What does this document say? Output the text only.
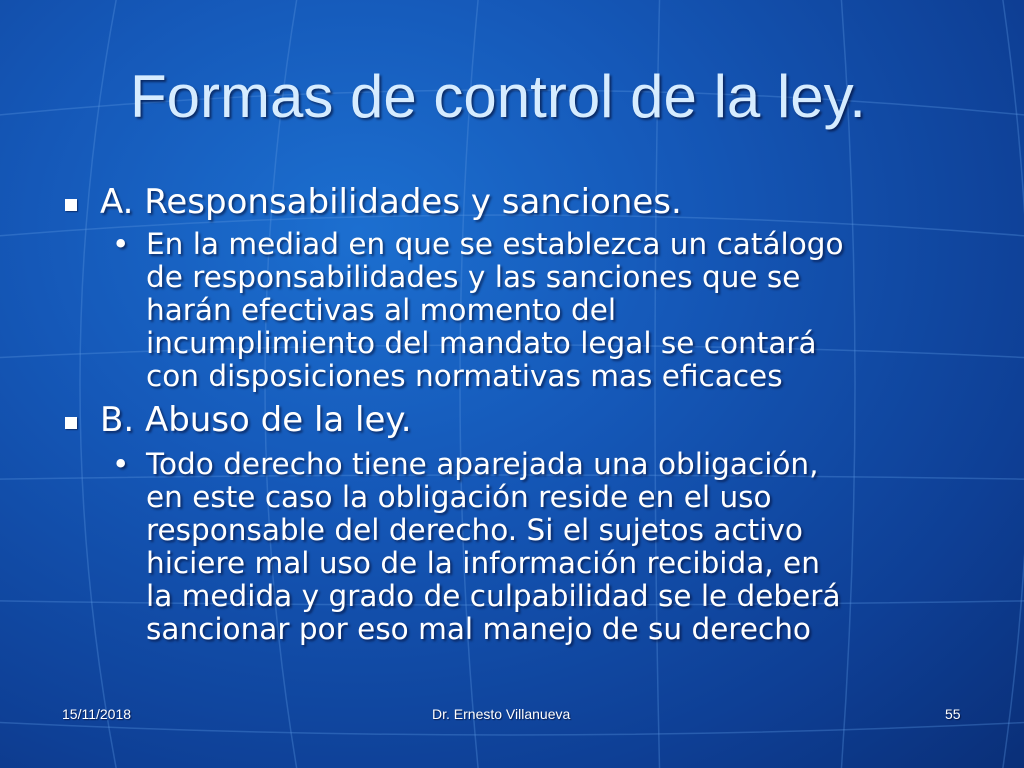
Formas de control de la ley.
A. Responsabilidades y sanciones.
• En la mediad en que se establezca un catálogo
de responsabilidades y las sanciones que se
harán efectivas al momento del
incumplimiento del mandato legal se contará
con disposiciones normativas mas eficaces
B. Abuso de la ley.
• Todo derecho tiene aparejada una obligación,
en este caso la obligación reside en el uso
responsable del derecho. Si el sujetos activo
hiciere mal uso de la información recibida, en
la medida y grado de culpabilidad se le deberá
sancionar por eso mal manejo de su derecho
15/11/2018	Dr. Ernesto Villanueva	55
